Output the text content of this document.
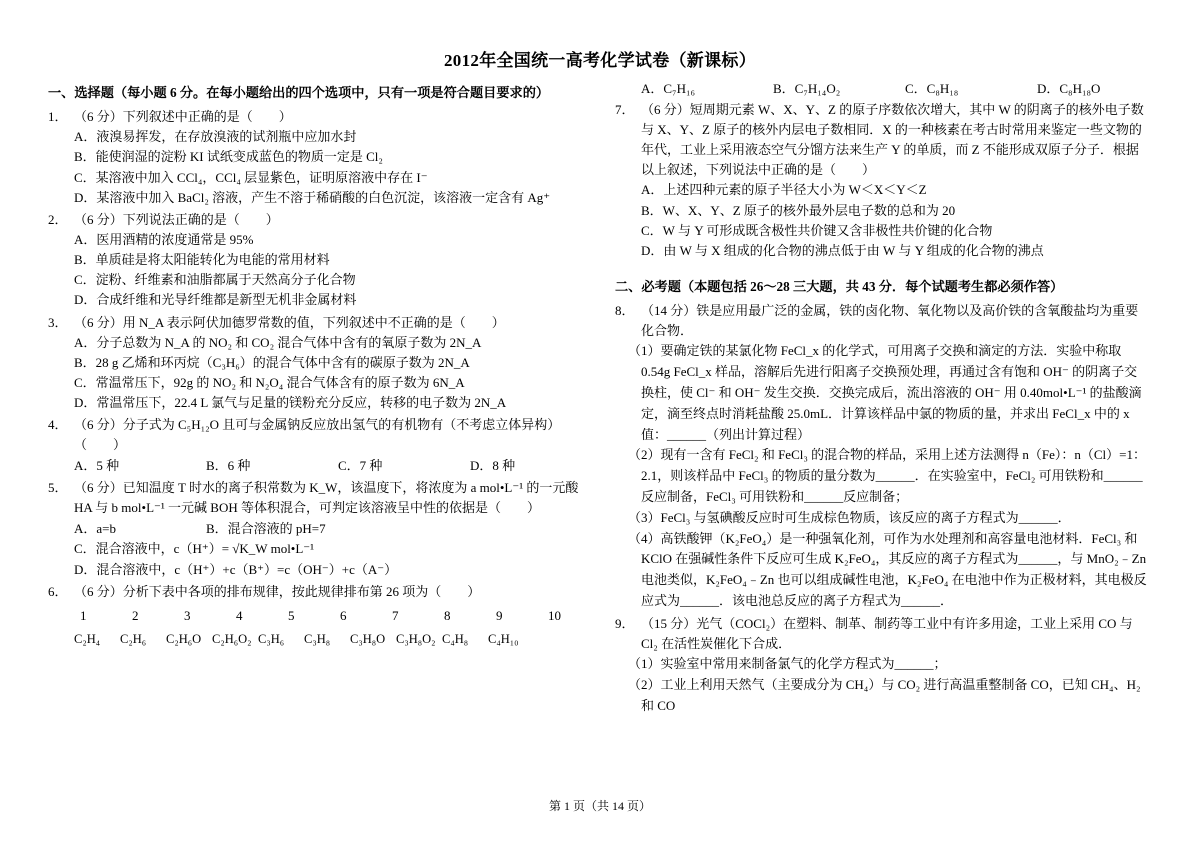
2012年全国统一高考化学试卷（新课标）
一、选择题（每小题 6 分。在每小题给出的四个选项中，只有一项是符合题目要求的）
1． （6 分）下列叙述中正确的是（　　）
A．液溴易挥发，在存放溴液的试剂瓶中应加水封
B．能使润湿的淀粉 KI 试纸变成蓝色的物质一定是 Cl₂
C．某溶液中加入 CCl₄，CCl₄ 层显紫色，证明原溶液中存在 I⁻
D．某溶液中加入 BaCl₂ 溶液，产生不溶于稀硝酸的白色沉淀，该溶液一定含有 Ag⁺
2． （6 分）下列说法正确的是（　　）
A．医用酒精的浓度通常是 95%
B．单质硅是将太阳能转化为电能的常用材料
C．淀粉、纤维素和油脂都属于天然高分子化合物
D．合成纤维和光导纤维都是新型无机非金属材料
3． （6 分）用 N_A 表示阿伏加德罗常数的值，下列叙述中不正确的是（　　）
A．分子总数为 N_A 的 NO₂ 和 CO₂ 混合气体中含有的氧原子数为 2N_A
B．28 g 乙烯和环丙烷（C₃H₆）的混合气体中含有的碳原子数为 2N_A
C．常温常压下，92g 的 NO₂ 和 N₂O₄ 混合气体含有的原子数为 6N_A
D．常温常压下，22.4 L 氯气与足量的镁粉充分反应，转移的电子数为 2N_A
4． （6 分）分子式为 C₅H₁₂O 且可与金属钠反应放出氢气的有机物有（不考虑立体异构）（　　）
A．5 种	B．6 种	C．7 种	D．8 种
5． （6 分）已知温度 T 时水的离子积常数为 K_W，该温度下，将浓度为 a mol•L⁻¹ 的一元酸 HA 与 b mol•L⁻¹ 一元碱 BOH 等体积混合，可判定该溶液呈中性的依据是（　　）
A．a=b	B．混合溶液的 pH=7
C．混合溶液中，c（H⁺）= √K_W mol•L⁻¹
D．混合溶液中，c（H⁺）+c（B⁺）=c（OH⁻）+c（A⁻）
6． （6 分）分析下表中各项的排布规律，按此规律排布第 26 项为（　　）
1	2	3	4	5	6	7	8	9	10
C₂H₄	C₂H₆	C₂H₆O C₂H₆O₂ C₃H₆	C₃H₈	C₃H₈O C₃H₈O₂ C₄H₈	C₄H₁₀
A．C₇H₁₆	B．C₇H₁₄O₂	C．C₈H₁₈	D．C₈H₁₈O
7． （6 分）短周期元素 W、X、Y、Z 的原子序数依次增大，其中 W 的阴离子的核外电子数与 X、Y、Z 原子的核外内层电子数相同．X 的一种核素在考古时常用来鉴定一些文物的年代，工业上采用液态空气分馏方法来生产 Y 的单质，而 Z 不能形成双原子分子．根据以上叙述，下列说法中正确的是（　　）
A．上述四种元素的原子半径大小为 W＜X＜Y＜Z
B．W、X、Y、Z 原子的核外最外层电子数的总和为 20
C．W 与 Y 可形成既含极性共价键又含非极性共价键的化合物
D．由 W 与 X 组成的化合物的沸点低于由 W 与 Y 组成的化合物的沸点
二、必考题（本题包括 26～28 三大题，共 43 分．每个试题考生都必须作答）
8． （14 分）铁是应用最广泛的金属，铁的卤化物、氧化物以及高价铁的含氧酸盐均为重要化合物．
（1）要确定铁的某氯化物 FeCl_x 的化学式，可用离子交换和滴定的方法．实验中称取 0.54g FeCl_x 样品，溶解后先进行阳离子交换预处理，再通过含有饱和 OH⁻ 的阴离子交换柱，使 Cl⁻ 和 OH⁻ 发生交换．交换完成后，流出溶液的 OH⁻ 用 0.40mol•L⁻¹ 的盐酸滴定，滴至终点时消耗盐酸 25.0mL．计算该样品中氯的物质的量，并求出 FeCl_x 中的 x 值：______（列出计算过程）
（2）现有一含有 FeCl₂ 和 FeCl₃ 的混合物的样品，采用上述方法测得 n（Fe）：n（Cl）=1：2.1，则该样品中 FeCl₃ 的物质的量分数为______．在实验室中，FeCl₂ 可用铁粉和______反应制备，FeCl₃ 可用铁粉和______反应制备；
（3）FeCl₃ 与氢碘酸反应时可生成棕色物质，该反应的离子方程式为______．
（4）高铁酸钾（K₂FeO₄）是一种强氧化剂，可作为水处理剂和高容量电池材料．FeCl₃ 和 KClO 在强碱性条件下反应可生成 K₂FeO₄，其反应的离子方程式为______，与 MnO₂﹣Zn 电池类似，K₂FeO₄﹣Zn 也可以组成碱性电池，K₂FeO₄ 在电池中作为正极材料，其电极反应式为______．该电池总反应的离子方程式为______．
9． （15 分）光气（COCl₂）在塑料、制革、制药等工业中有许多用途，工业上采用 CO 与 Cl₂ 在活性炭催化下合成．
（1）实验室中常用来制备氯气的化学方程式为______；
（2）工业上利用天然气（主要成分为 CH₄）与 CO₂ 进行高温重整制备 CO，已知 CH₄、H₂ 和 CO
第 1 页（共 14 页）
